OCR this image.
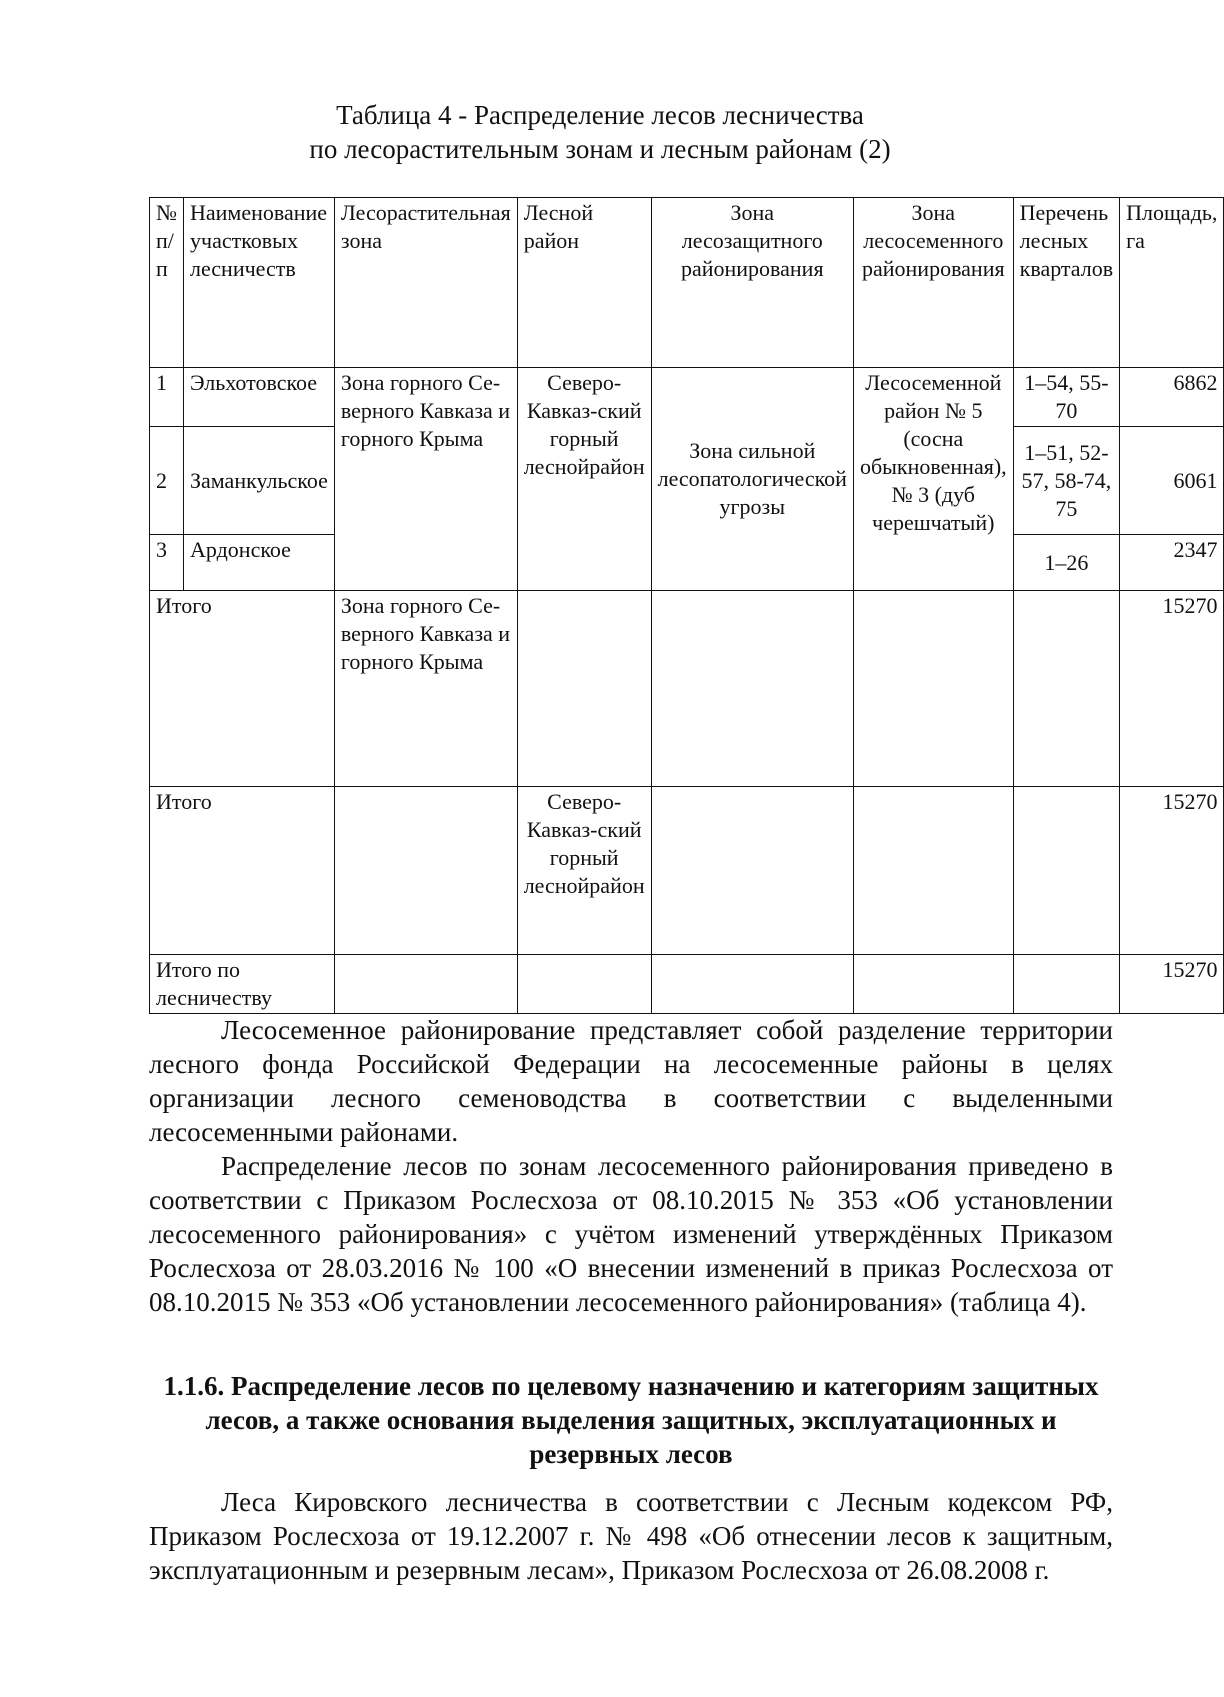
Таблица 4 - Распределение лесов лесничества
по лесорастительным зонам и лесным районам (2)
№ п/п	Наименование участковых лесничеств	Лесорастительная зона	Лесной район	Зона лесозащитного районирования	Зона лесосеменного районирования	Перечень лесных кварталов	Площадь, га
1	Эльхотовское	Зона горного Се-верного Кавказа и горного Крыма	Северо-Кавказ-ский горный леснойрайон	Зона сильной лесопатологической угрозы	Лесосеменной район № 5 (сосна обыкновенная), № 3 (дуб черешчатый)	1–54, 55-70	6862
2	Заманкульское					1–51, 52-57, 58-74, 75	6061
3	Ардонское					1–26	2347
Итого		Зона горного Се-верного Кавказа и горного Крыма					15270
Итого			Северо-Кавказ-ский горный леснойрайон				15270
Итого по лесничеству							15270

Лесосеменное районирование представляет собой разделение территории лесного фонда Российской Федерации на лесосеменные районы в целях организации лесного семеноводства в соответствии с выделенными лесосеменными районами.

Распределение лесов по зонам лесосеменного районирования приведено в соответствии с Приказом Рослесхоза от 08.10.2015 № 353 «Об установлении лесосеменного районирования» с учётом изменений утверждённых Приказом Рослесхоза от 28.03.2016 № 100 «О внесении изменений в приказ Рослесхоза от 08.10.2015 № 353 «Об установлении лесосеменного районирования» (таблица 4).

1.1.6. Распределение лесов по целевому назначению и категориям защитных лесов, а также основания выделения защитных, эксплуатационных и резервных лесов

Леса Кировского лесничества в соответствии с Лесным кодексом РФ, Приказом Рослесхоза от 19.12.2007 г. № 498 «Об отнесении лесов к защитным, эксплуатационным и резервным лесам», Приказом Рослесхоза от 26.08.2008 г.
